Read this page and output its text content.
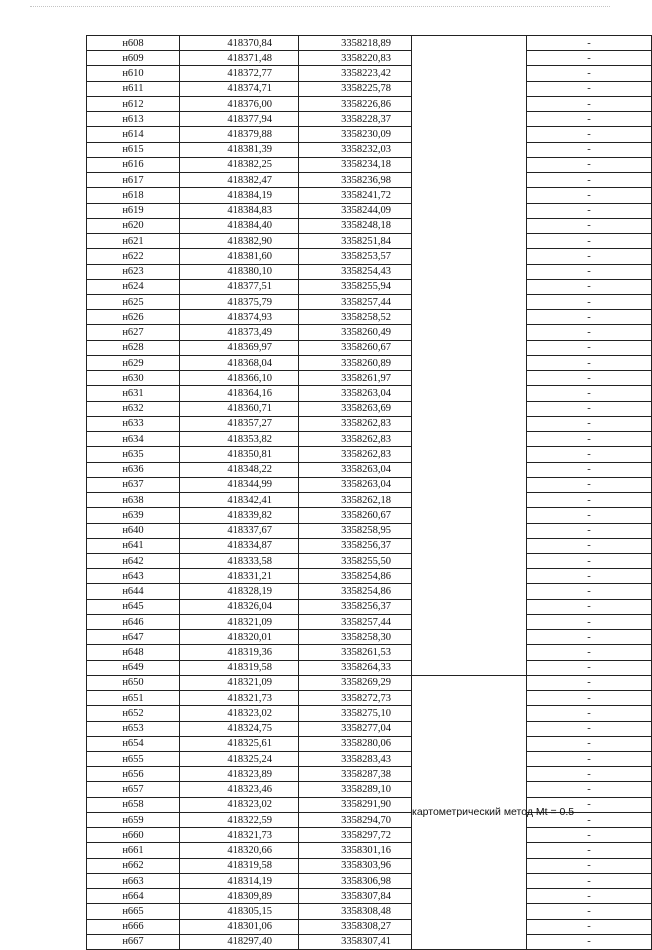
н608	418370,84	3358218,89		-
н609	418371,48	3358220,83		-
н610	418372,77	3358223,42		-
н611	418374,71	3358225,78		-
н612	418376,00	3358226,86		-
н613	418377,94	3358228,37		-
н614	418379,88	3358230,09		-
н615	418381,39	3358232,03		-
н616	418382,25	3358234,18		-
н617	418382,47	3358236,98		-
н618	418384,19	3358241,72		-
н619	418384,83	3358244,09		-
н620	418384,40	3358248,18		-
н621	418382,90	3358251,84		-
н622	418381,60	3358253,57		-
н623	418380,10	3358254,43		-
н624	418377,51	3358255,94		-
н625	418375,79	3358257,44		-
н626	418374,93	3358258,52		-
н627	418373,49	3358260,49		-
н628	418369,97	3358260,67		-
н629	418368,04	3358260,89		-
н630	418366,10	3358261,97		-
н631	418364,16	3358263,04		-
н632	418360,71	3358263,69		-
н633	418357,27	3358262,83		-
н634	418353,82	3358262,83		-
н635	418350,81	3358262,83		-
н636	418348,22	3358263,04		-
н637	418344,99	3358263,04		-
н638	418342,41	3358262,18		-
н639	418339,82	3358260,67		-
н640	418337,67	3358258,95		-
н641	418334,87	3358256,37		-
н642	418333,58	3358255,50		-
н643	418331,21	3358254,86		-
н644	418328,19	3358254,86		-
н645	418326,04	3358256,37		-
н646	418321,09	3358257,44		-
н647	418320,01	3358258,30		-
н648	418319,36	3358261,53		-
н649	418319,58	3358264,33		-
н650	418321,09	3358269,29	картометрический метод Mt = 0.5	-
н651	418321,73	3358272,73		-
н652	418323,02	3358275,10		-
н653	418324,75	3358277,04		-
н654	418325,61	3358280,06		-
н655	418325,24	3358283,43		-
н656	418323,89	3358287,38		-
н657	418323,46	3358289,10		-
н658	418323,02	3358291,90		-
н659	418322,59	3358294,70		-
н660	418321,73	3358297,72		-
н661	418320,66	3358301,16		-
н662	418319,58	3358303,96		-
н663	418314,19	3358306,98		-
н664	418309,89	3358307,84		-
н665	418305,15	3358308,48		-
н666	418301,06	3358308,27		-
н667	418297,40	3358307,41		-
